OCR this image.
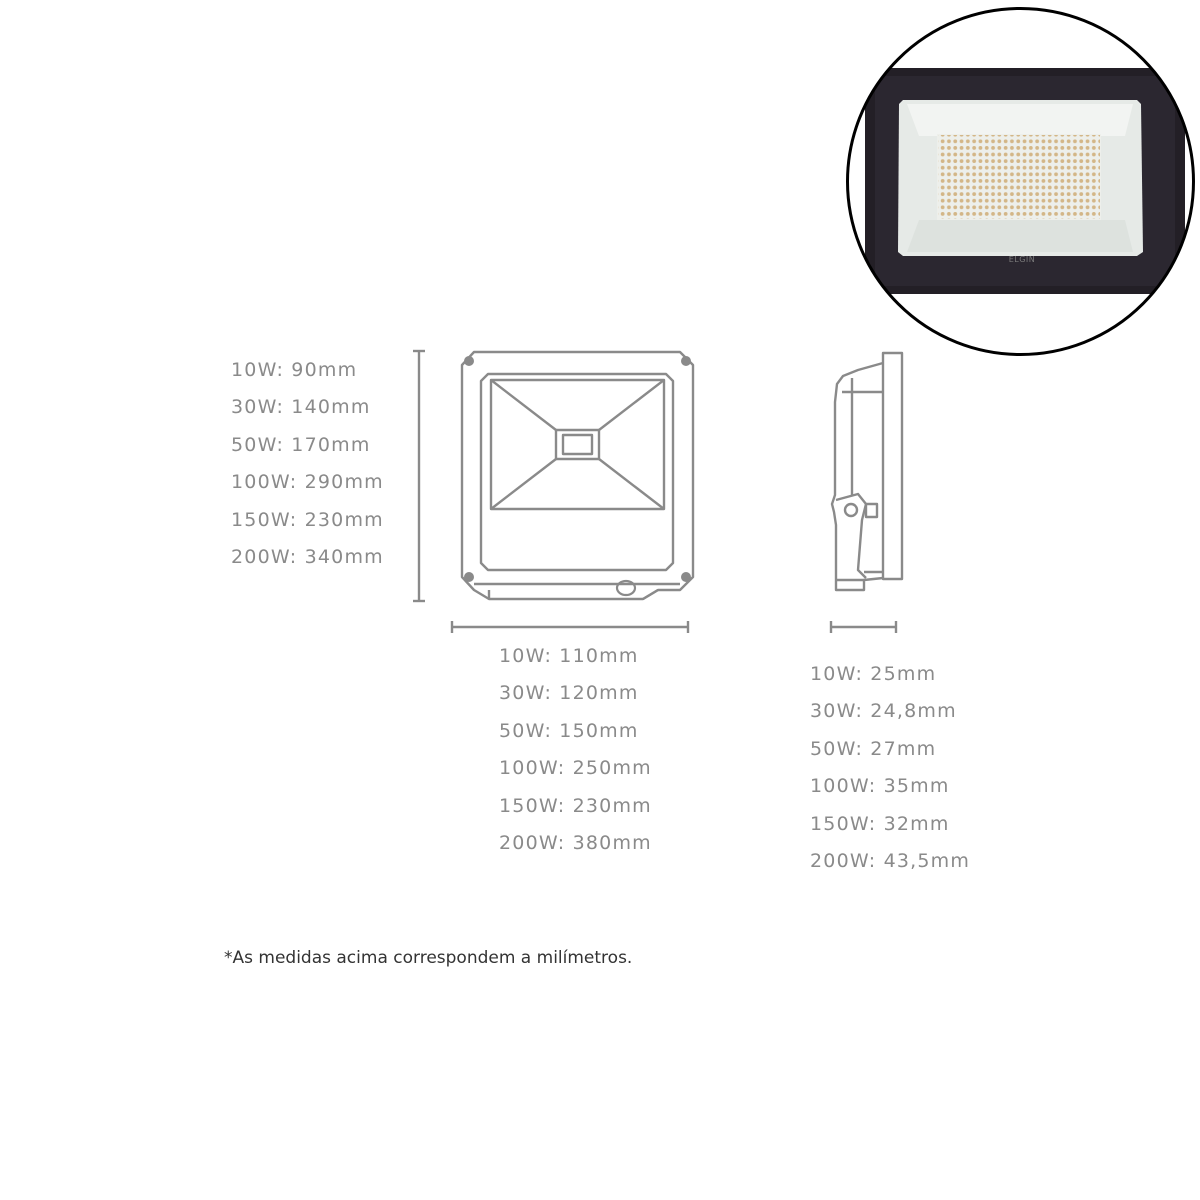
10W: 90mm
30W: 140mm
50W: 170mm
100W: 290mm
150W: 230mm
200W: 340mm
10W: 110mm
30W: 120mm
50W: 150mm
100W: 250mm
150W: 230mm
200W: 380mm
10W: 25mm
30W: 24,8mm
50W: 27mm
100W: 35mm
150W: 32mm
200W: 43,5mm
ELGIN
*As medidas acima correspondem a milímetros.
